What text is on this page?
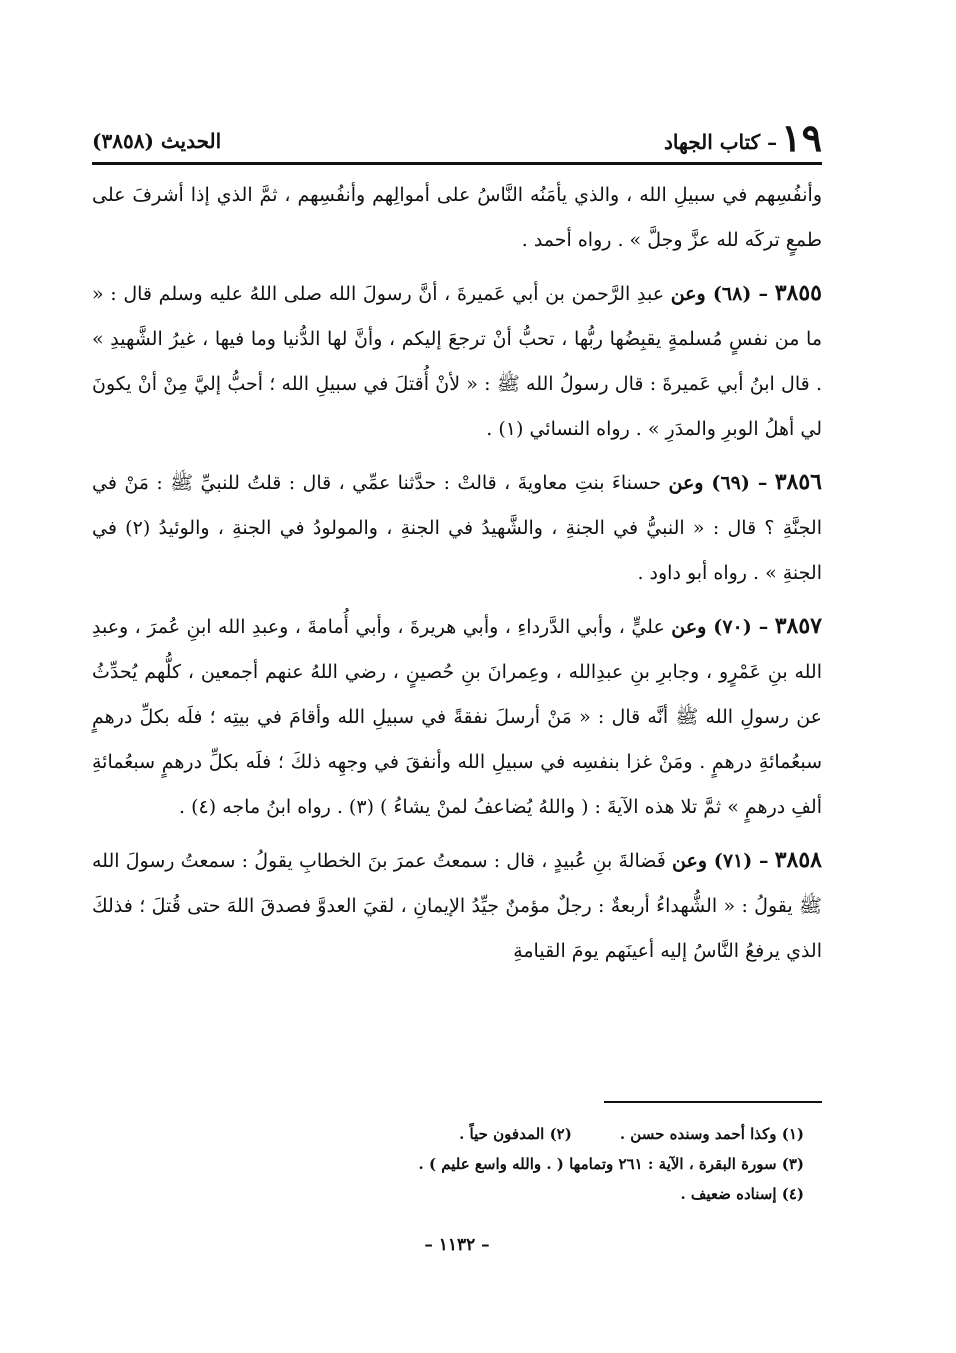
١٩
– كتاب الجهاد
الحديث (٣٨٥٨)

وأنفُسِهم في سبيلِ الله ، والذي يأمَنُه النَّاسُ على أموالِهم وأنفُسِهم ، ثمَّ الذي إذا أشرفَ على طمعٍ تركَه لله عزَّ وجلَّ » . رواه أحمد .

٣٨٥٥ – (٦٨) وعن عبدِ الرَّحمن بن أبي عَميرةَ ، أنَّ رسولَ الله صلى اللهُ عليه وسلم قال : « ما من نفسٍ مُسلمةٍ يقبِضُها ربُّها ، تحبُّ أنْ ترجعَ إليكم ، وأنَّ لها الدُّنيا وما فيها ، غيرُ الشَّهيدِ » . قال ابنُ أبي عَميرةَ : قال رسولُ الله ﷺ : « لأنْ أُقتلَ في سبيلِ الله ؛ أحبُّ إليَّ مِنْ أنْ يكونَ لي أهلُ الوبرِ والمدَرِ » . رواه النسائي (١) .

٣٨٥٦ – (٦٩) وعن حسناءَ بنتِ معاويةَ ، قالتْ : حدَّثنا عمِّي ، قال : قلتُ للنبيِّ ﷺ : مَنْ في الجنَّةِ ؟ قال : « النبيُّ في الجنةِ ، والشَّهيدُ في الجنةِ ، والمولودُ في الجنةِ ، والوئيدُ (٢) في الجنةِ » . رواه أبو داود .

٣٨٥٧ – (٧٠) وعن عليٍّ ، وأبي الدَّرداءِ ، وأبي هريرةَ ، وأبي أُمامةَ ، وعبدِ الله ابنِ عُمرَ ، وعبدِ الله بنِ عَمْرٍو ، وجابرِ بنِ عبدِالله ، وعِمرانَ بنِ حُصينٍ ، رضي اللهُ عنهم أجمعين ، كلُّهم يُحدِّثُ عن رسولِ الله ﷺ أنَّه قال : « مَنْ أرسلَ نفقةً في سبيلِ الله وأقامَ في بيتِه ؛ فلَه بكلِّ درهمٍ سبعُمائةِ درهمٍ . ومَنْ غزا بنفسِه في سبيلِ الله وأنفقَ في وجهِه ذلكَ ؛ فلَه بكلِّ درهمٍ سبعُمائةِ ألفِ درهمٍ » ثمَّ تلا هذه الآيةَ : ( واللهُ يُضاعفُ لمنْ يشاءُ ) (٣) . رواه ابنُ ماجه (٤) .

٣٨٥٨ – (٧١) وعن فَضالةَ بنِ عُبيدٍ ، قال : سمعتُ عمرَ بنَ الخطابِ يقولُ : سمعتُ رسولَ الله ﷺ يقولُ : « الشُّهداءُ أربعةٌ : رجلٌ مؤمنٌ جيِّدُ الإيمانِ ، لقيَ العدوَّ فصدقَ اللهَ حتى قُتلَ ؛ فذلكَ الذي يرفعُ النَّاسُ إليه أعينَهم يومَ القيامةِ

(١) وكذا أحمد وسنده حسن .
(٢) المدفون حياً .
(٣) سورة البقرة ، الآية : ٢٦١ وتمامها ( . والله واسع عليم ) .
(٤) إسناده ضعيف .
– ١١٣٢ –
